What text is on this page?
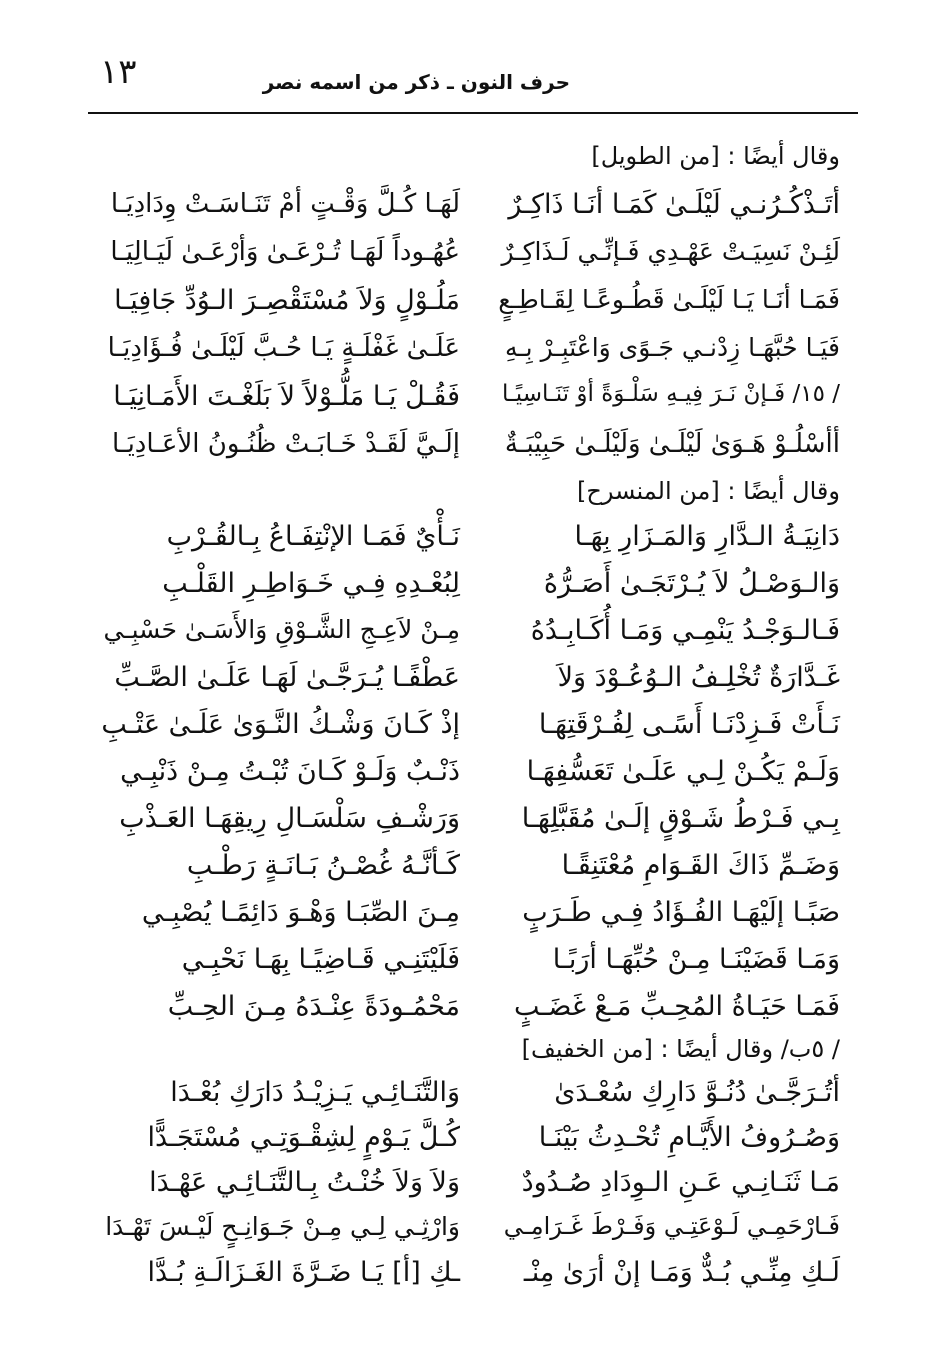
١٣	حرف النون ـ ذكر من اسمه نصر
وقال أيضًا : [من الطويل]
أتَـذْكُـرُنـي لَيْلَـىٰ كَمَـا أنَـا ذَاكِـرٌ
لَهَـا كُـلَّ وَقْـتٍ أمْ تَنَـاسَـتْ وِدَادِيَـا
لَئِـنْ نَسِيَـتْ عَهْـدِي فَـإنِّـي لَـذَاكِـرٌ
عُهُـوداً لَهَـا تُـرْعَـىٰ وَأرْعَـىٰ لَيَـالِيَـا
فَمَـا أنَـا يَـا لَيْلَـىٰ قَطُـوعًـا لِقَـاطِـعٍ
مَلُـوْلٍ وَلاَ مُسْتَقْصِـرَ الـوُدِّ جَافِيَـا
فَيَـا حُبَّهَـا زِدْنـي جَـوًى وَاعْتَبِـرْ بِـهِ
عَلَـىٰ غَفْلَـةٍ يَـا حُـبَّ لَيْلَـىٰ فُـؤَادِيَـا
/ ١٥/ فَـإنْ نَـرَ فِيـهِ سَلْـوَةً أوْ تَنَـاسِيًـا
فَقُـلْ يَـا مَلُّـوْلاً لاَ بَلَغْـتَ الأَمَـانِيَـا
أأسْلُـوْ هَـوَىٰ لَيْلَـىٰ وَلَيْلَـىٰ حَبِيْبَـةٌ
إلَـيَّ لَقَـدْ خَـابَـتْ ظُنُـونُ الأعَـادِيَـا
وقال أيضًا : [من المنسرح]
دَانِيَـةُ الـدَّارِ وَالمَـزَارِ بِهَـا
نَـأْيٌ فَمَـا الإنْتِفَـاعُ بِـالقُـرْبِ
وَالـوَصْـلُ لاَ يُـرْتَجَـىٰ أَصَـرُّهُ
لِبُعْـدِهِ فِـي خَـوَاطِـرِ القَلْـبِ
فَـالـوَجْـدُ يَنْمِـي وَمَـا أُكَـابِـدُهُ
مِـنْ لاَعِـجِ الشَّـوْقِ وَالأَسَـىٰ حَسْبِـي
غَـدَّارَةٌ تُخْلِـفُ الـوُعُـوْدَ وَلاَ
عَطْفًـا يُـرَجَّـىٰ لَهَـا عَلَـىٰ الصَّـبِّ
نَـأَتْ فَـزِدْنَـا أَسًـى لِفُـرْقَتِهَـا
إذْ كَـانَ وَشْـكُ النَّـوَىٰ عَلَـىٰ عَتْـبِ
وَلَـمْ يَكُـنْ لِـي عَلَـىٰ تَعَسُّفِهَـا
ذَنْـبٌ وَلَـوْ كَـانَ تُبْـتُ مِـنْ ذَنْبِـي
بِـي فَـرْطُ شَـوْقٍ إلَـىٰ مُقَبَّلِهَـا
وَرَشْـفِ سَلْسَـالِ رِيقِهَـا العَـذْبِ
وَضَـمِّ ذَاكَ القَـوَامِ مُعْتَنِقًـا
كَـأنَّـهُ غُصْـنُ بَـانَـةٍ رَطْـبِ
صَبًـا إلَيْهَـا الفُـؤَادُ فِـي طَـرَبٍ
مِـنَ الصِّبَـا وَهْـوَ دَائِمًـا يُصْبِـي
وَمَـا قَضَيْنَـا مِـنْ حُبِّهَـا أرَبًـا
فَلَيْتَنِـي قَـاضِيًـا بِهَـا نَحْبِـي
فَمَـا حَيَـاةُ المُحِـبِّ مَـعْ غَضَـبٍ
مَحْمُـودَةً عِنْـدَهُ مِـنَ الحِـبِّ
/ ٥ب/ وقال أيضًا : [من الخفيف]
أتُـرَجَّـىٰ دُنُـوَّ دَارِكِ سُعْـدَىٰ
وَالتَّنَـائِـي يَـزِيْـدُ دَارَكِ بُعْـدَا
وَصُـرُوفُ الأَيَّـامِ تُحْـدِثُ بَيْنَـا
كُـلَّ يَـوْمٍ لِشِقْـوَتِـي مُسْتَجَـدًّا
مَـا ثَنَـانِـي عَـنِ الـوِدَادِ صُـدُودٌ
وَلاَ وَلاَ خُنْـتُ بِـالتَّنَـائِـي عَهْـدَا
فَـارْحَمِـي لَـوْعَتِـي وَفَـرْطَ غَـرَامِـي
وَارْثِـي لِـي مِـنْ جَـوَانِـحٍ لَيْـسَ تَهْـدَا
لَـكِ مِنِّـي بُـدٌّ وَمَـا إنْ أرَىٰ مِنْـ
ـكِ [أ] يَـا ضَـرَّةَ الغَـزَالَـةِ بُـدَّا
